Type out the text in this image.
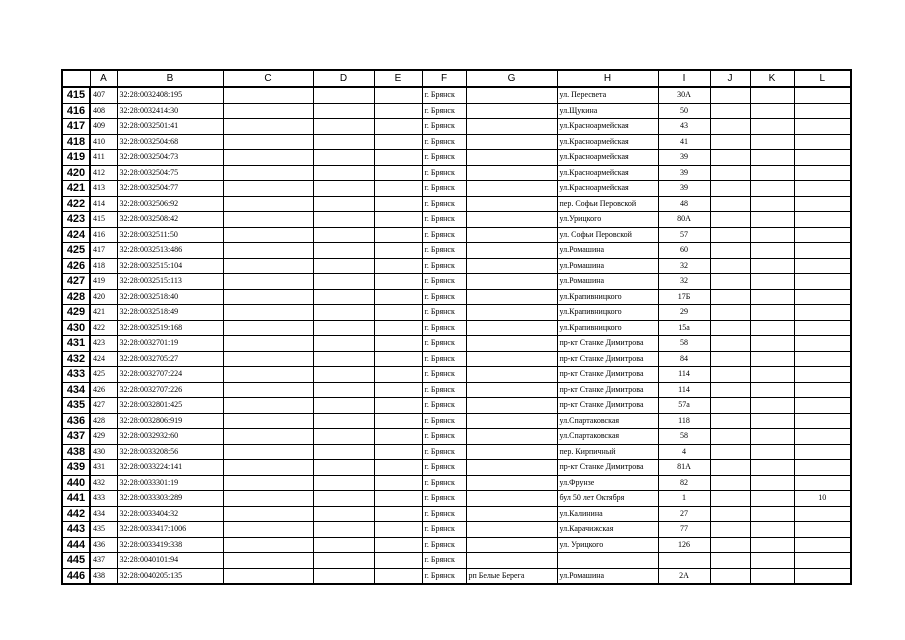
	A	B	C	D	E	F	G	H	I	J	K	L
415	407	32:28:0032408:195				г. Брянск		ул. Пересвета	30А			
416	408	32:28:0032414:30				г. Брянск		ул.Щукина	50			
417	409	32:28:0032501:41				г. Брянск		ул.Красноармейская	43			
418	410	32:28:0032504:68				г. Брянск		ул.Красноармейская	41			
419	411	32:28:0032504:73				г. Брянск		ул.Красноармейская	39			
420	412	32:28:0032504:75				г. Брянск		ул.Красноармейская	39			
421	413	32:28:0032504:77				г. Брянск		ул.Красноармейская	39			
422	414	32:28:0032506:92				г. Брянск		пер. Софьи Перовской	48			
423	415	32:28:0032508:42				г. Брянск		ул.Урицкого	80А			
424	416	32:28:0032511:50				г. Брянск		ул. Софьи Перовской	57			
425	417	32:28:0032513:486				г. Брянск		ул.Ромашина	60			
426	418	32:28:0032515:104				г. Брянск		ул.Ромашина	32			
427	419	32:28:0032515:113				г. Брянск		ул.Ромашина	32			
428	420	32:28:0032518:40				г. Брянск		ул.Крапивницкого	17Б			
429	421	32:28:0032518:49				г. Брянск		ул.Крапивницкого	29			
430	422	32:28:0032519:168				г. Брянск		ул.Крапивницкого	15а			
431	423	32:28:0032701:19				г. Брянск		пр-кт Станке Димитрова	58			
432	424	32:28:0032705:27				г. Брянск		пр-кт Станке Димитрова	84			
433	425	32:28:0032707:224				г. Брянск		пр-кт Станке Димитрова	114			
434	426	32:28:0032707:226				г. Брянск		пр-кт Станке Димитрова	114			
435	427	32:28:0032801:425				г. Брянск		пр-кт Станке Димитрова	57а			
436	428	32:28:0032806:919				г. Брянск		ул.Спартаковская	118			
437	429	32:28:0032932:60				г. Брянск		ул.Спартаковская	58			
438	430	32:28:0033208:56				г. Брянск		пер. Кирпичный	4			
439	431	32:28:0033224:141				г. Брянск		пр-кт Станке Димитрова	81А			
440	432	32:28:0033301:19				г. Брянск		ул.Фрунзе	82			
441	433	32:28:0033303:289				г. Брянск		бул 50 лет Октября	1			10
442	434	32:28:0033404:32				г. Брянск		ул.Калинина	27			
443	435	32:28:0033417:1006				г. Брянск		ул.Карачижская	77			
444	436	32:28:0033419:338				г. Брянск		ул. Урицкого	126			
445	437	32:28:0040101:94				г. Брянск						
446	438	32:28:0040205:135				г. Брянск	рп Белые Берега	ул.Ромашина	2А			
